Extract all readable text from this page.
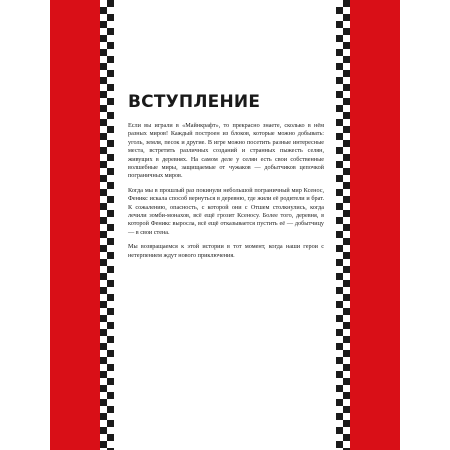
ВСТУПЛЕНИЕ

Если вы играли в «Майнкрафт», то прекрасно знаете, сколько в нём разных миров! Каждый построен из блоков, которые можно добывать: уголь, земля, песок и другие. В игре можно посетить разные интересные места, встретить различных созданий и странных пыжесть селян, живущих в деревнях. На самом деле у селян есть свои собственные волшебные миры, защищаемые от чужаков — добытчиков цепочкой пограничных миров.

Когда мы в прошлый раз покинули небольшой пограничный мир Ксенос, Феникс искала способ вернуться в деревню, где жили её родители и брат. К сожалению, опасность, с которой они с Отшем столкнулись, когда лечили зомби-монахов, всё ещё грозит Ксеносу. Более того, деревня, в которой Феникс выросла, всё ещё отказывается пустить её — добытчицу — в свои стена.

Мы возвращаемся к этой истории в тот момент, когда наши герои с нетерпением ждут нового приключения.
